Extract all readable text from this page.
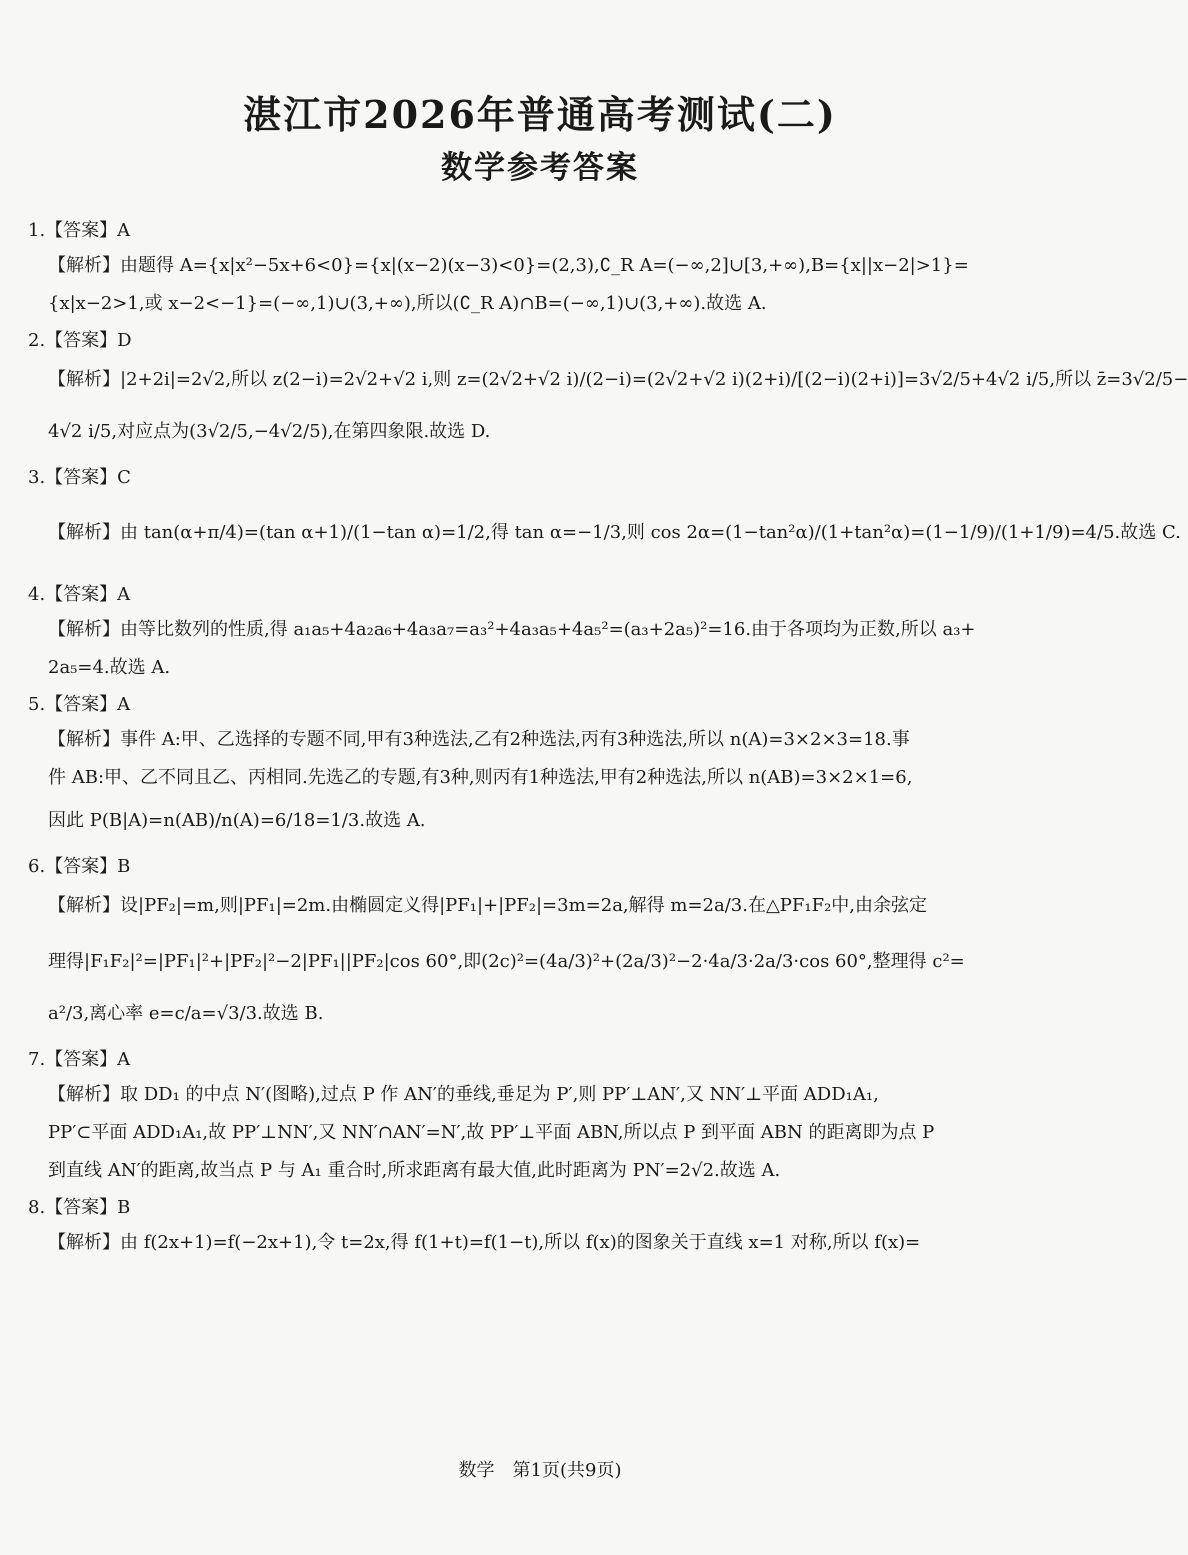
湛江市2026年普通高考测试(二)
数学参考答案
1.【答案】A
【解析】由题得 A={x|x²−5x+6<0}={x|(x−2)(x−3)<0}=(2,3),∁_R A=(−∞,2]∪[3,+∞),B={x||x−2|>1}=
{x|x−2>1,或 x−2<−1}=(−∞,1)∪(3,+∞),所以(∁_R A)∩B=(−∞,1)∪(3,+∞).故选 A.
2.【答案】D
【解析】|2+2i|=2√2,所以 z(2−i)=2√2+√2 i,则 z=(2√2+√2 i)/(2−i)=(2√2+√2 i)(2+i)/[(2−i)(2+i)]=3√2/5+4√2 i/5,所以 z̄=3√2/5−
4√2 i/5,对应点为(3√2/5,−4√2/5),在第四象限.故选 D.
3.【答案】C
【解析】由 tan(α+π/4)=(tan α+1)/(1−tan α)=1/2,得 tan α=−1/3,则 cos 2α=(1−tan²α)/(1+tan²α)=(1−1/9)/(1+1/9)=4/5.故选 C.
4.【答案】A
【解析】由等比数列的性质,得 a₁a₅+4a₂a₆+4a₃a₇=a₃²+4a₃a₅+4a₅²=(a₃+2a₅)²=16.由于各项均为正数,所以 a₃+
2a₅=4.故选 A.
5.【答案】A
【解析】事件 A:甲、乙选择的专题不同,甲有3种选法,乙有2种选法,丙有3种选法,所以 n(A)=3×2×3=18.事
件 AB:甲、乙不同且乙、丙相同.先选乙的专题,有3种,则丙有1种选法,甲有2种选法,所以 n(AB)=3×2×1=6,
因此 P(B|A)=n(AB)/n(A)=6/18=1/3.故选 A.
6.【答案】B
【解析】设|PF₂|=m,则|PF₁|=2m.由椭圆定义得|PF₁|+|PF₂|=3m=2a,解得 m=2a/3.在△PF₁F₂中,由余弦定
理得|F₁F₂|²=|PF₁|²+|PF₂|²−2|PF₁||PF₂|cos 60°,即(2c)²=(4a/3)²+(2a/3)²−2·4a/3·2a/3·cos 60°,整理得 c²=
a²/3,离心率 e=c/a=√3/3.故选 B.
7.【答案】A
【解析】取 DD₁ 的中点 N′(图略),过点 P 作 AN′的垂线,垂足为 P′,则 PP′⊥AN′,又 NN′⊥平面 ADD₁A₁,
PP′⊂平面 ADD₁A₁,故 PP′⊥NN′,又 NN′∩AN′=N′,故 PP′⊥平面 ABN,所以点 P 到平面 ABN 的距离即为点 P
到直线 AN′的距离,故当点 P 与 A₁ 重合时,所求距离有最大值,此时距离为 PN′=2√2.故选 A.
8.【答案】B
【解析】由 f(2x+1)=f(−2x+1),令 t=2x,得 f(1+t)=f(1−t),所以 f(x)的图象关于直线 x=1 对称,所以 f(x)=
数学　第1页(共9页)
